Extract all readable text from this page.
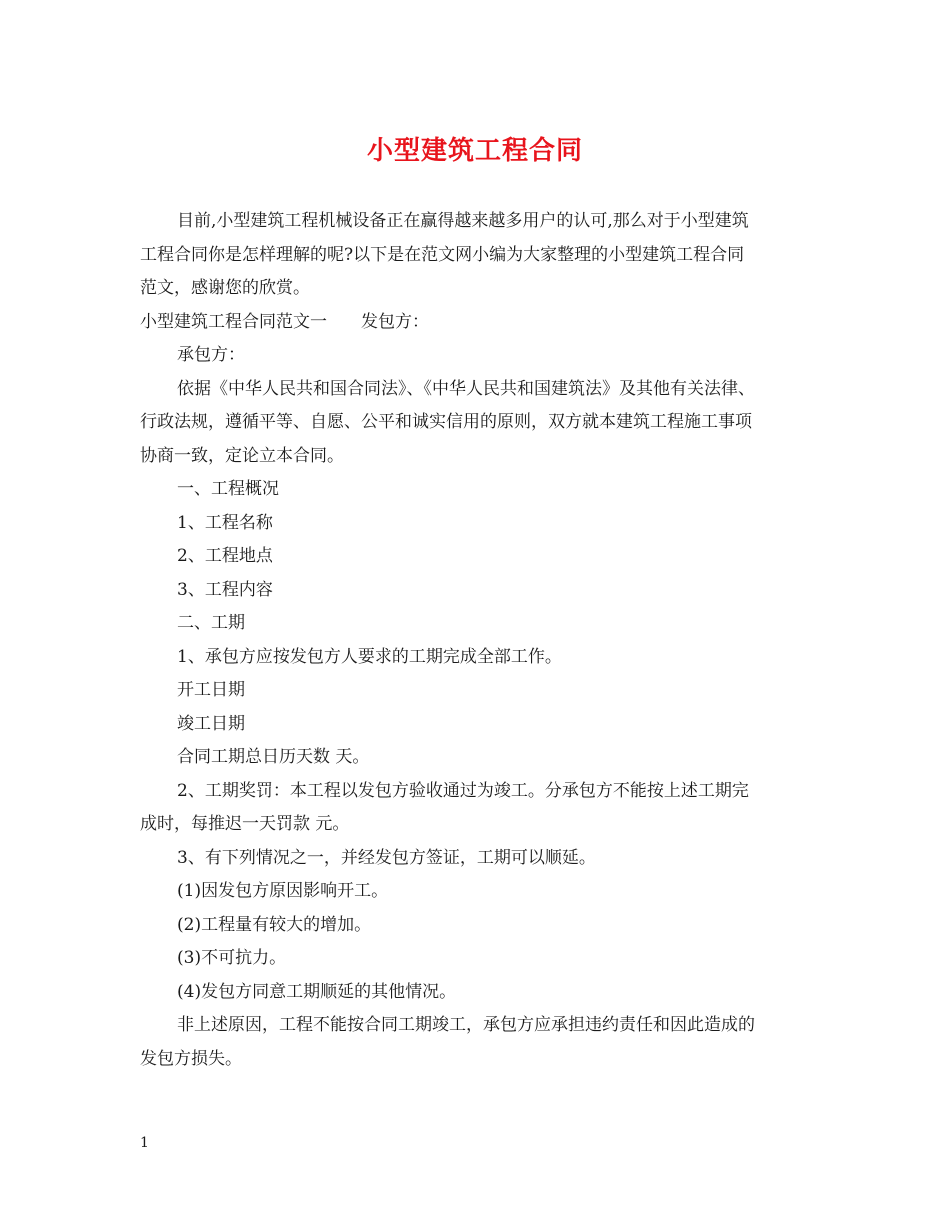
小型建筑工程合同

目前,小型建筑工程机械设备正在赢得越来越多用户的认可,那么对于小型建筑

工程合同你是怎样理解的呢?以下是在范文网小编为大家整理的小型建筑工程合同

范文，感谢您的欣赏。

小型建筑工程合同范文一　　发包方：

承包方：

依据《中华人民共和国合同法》、《中华人民共和国建筑法》及其他有关法律、

行政法规，遵循平等、自愿、公平和诚实信用的原则，双方就本建筑工程施工事项

协商一致，定论立本合同。

一、工程概况

1、工程名称

2、工程地点

3、工程内容

二、工期

1、承包方应按发包方人要求的工期完成全部工作。

开工日期

竣工日期

合同工期总日历天数 天。

2、工期奖罚：本工程以发包方验收通过为竣工。分承包方不能按上述工期完

成时，每推迟一天罚款 元。

3、有下列情况之一，并经发包方签证，工期可以顺延。

(1)因发包方原因影响开工。

(2)工程量有较大的增加。

(3)不可抗力。

(4)发包方同意工期顺延的其他情况。

非上述原因，工程不能按合同工期竣工，承包方应承担违约责任和因此造成的

发包方损失。

1
